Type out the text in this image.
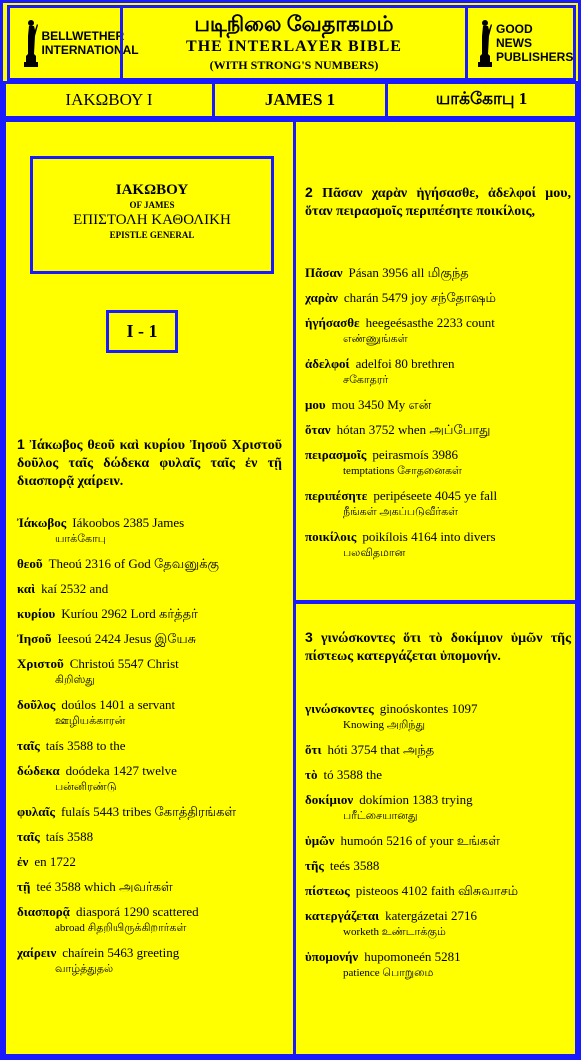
BELLWETHER INTERNATIONAL
படிநிலை வேதாகமம்
THE INTERLAYER BIBLE
(WITH STRONG'S NUMBERS)
GOOD NEWS PUBLISHERS
ΙΑΚΩΒΟΥ Ι	JAMES 1	யாக்கோபு 1
ΙΑΚΩΒΟΥ
OF JAMES
ΕΠΙΣΤΟΛΗ ΚΑΘΟΛΙΚΗ
EPISTLE GENERAL
I - 1
1 Ἰάκωβος θεοῦ καὶ κυρίου Ἰησοῦ Χριστοῦ δοῦλος ταῖς δώδεκα φυλαῖς ταῖς ἐν τῇ διασπορᾷ χαίρειν.
Ἰάκωβος Iákoobos 2385 James
யாக்கோபு
θεοῦ Theoú 2316 of God தேவனுக்கு
καὶ kaí 2532 and
κυρίου Kuríou 2962 Lord கர்த்தர்
Ἰησοῦ Ieesoú 2424 Jesus இயேசு
Χριστοῦ Christoú 5547 Christ
கிறிஸ்து
δοῦλος doúlos 1401 a servant
ஊழியக்காரன்
ταῖς taís 3588 to the
δώδεκα doódeka 1427 twelve
பன்னிரண்டு
φυλαῖς fulaís 5443 tribes கோத்திரங்கள்
ταῖς taís 3588
ἐν en 1722
τῇ teé 3588 which அவர்கள்
διασπορᾷ diasporá 1290 scattered
abroad சிதறியிருக்கிறார்கள்
χαίρειν chaírein 5463 greeting
வாழ்த்துதல்
2 Πᾶσαν χαρὰν ἡγήσασθε, ἀδελφοί μου, ὅταν πειρασμοῖς περιπέσητε ποικίλοις,
Πᾶσαν Pásan 3956 all மிகுந்த
χαρὰν charán 5479 joy சந்தோஷம்
ἡγήσασθε heegeésasthe 2233 count
எண்ணுங்கள்
ἀδελφοί adelfoi 80 brethren
சகோதரர்
μου mou 3450 My என்
ὅταν hótan 3752 when அப்போது
πειρασμοῖς peirasmoís 3986
temptations சோதனைகள்
περιπέσητε peripéseete 4045 ye fall
நீங்கள் அகப்படுவீர்கள்
ποικίλοις poikílois 4164 into divers
பலவிதமான
3 γινώσκοντες ὅτι τὸ δοκίμιον ὑμῶν τῆς πίστεως κατεργάζεται ὑπομονήν.
γινώσκοντες ginoóskontes 1097
Knowing அறிந்து
ὅτι hóti 3754 that அந்த
τὸ tó 3588 the
δοκίμιον dokímion 1383 trying
பரீட்சையானது
ὑμῶν humoón 5216 of your உங்கள்
τῆς teés 3588
πίστεως pisteoos 4102 faith விசுவாசம்
κατεργάζεται katergázetai 2716
worketh உண்டாக்கும்
ὑπομονήν hupomoneén 5281
patience பொறுமை
